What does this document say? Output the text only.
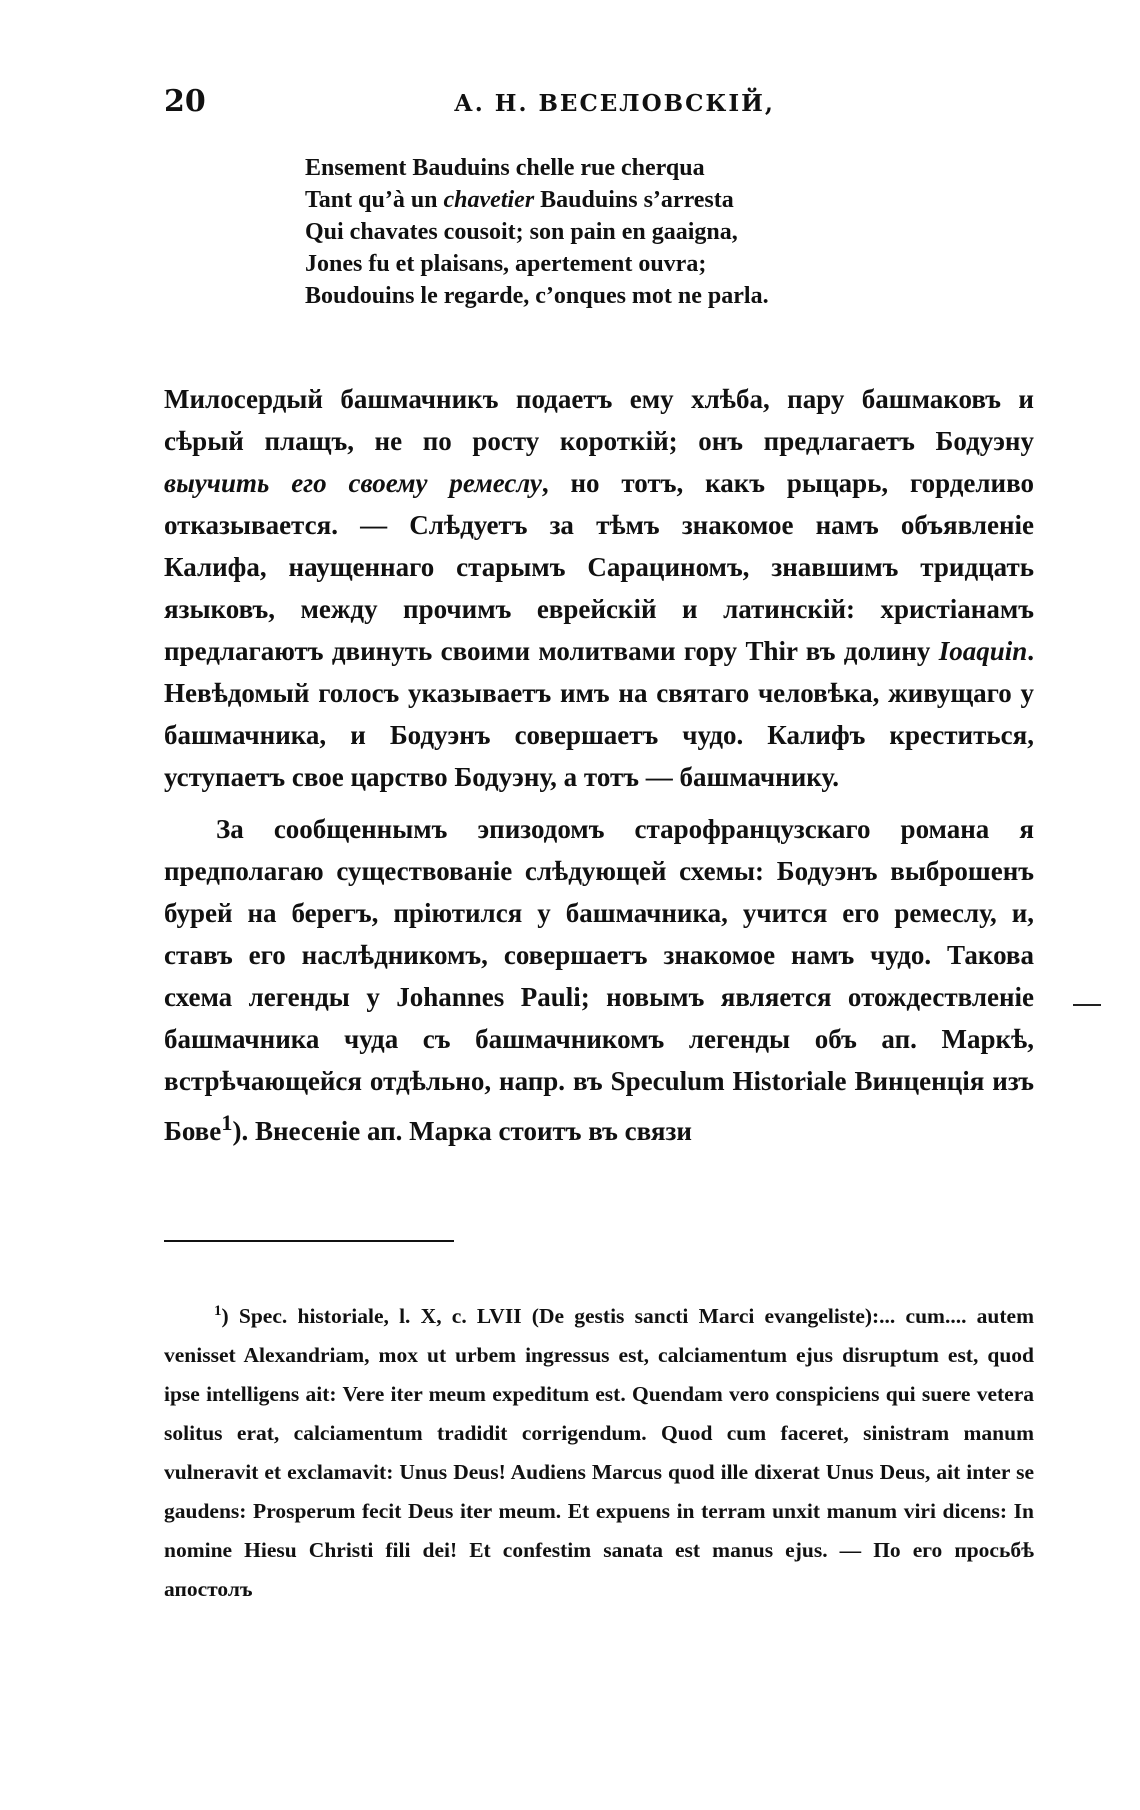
20	А. Н. ВЕСЕЛОВСКІЙ,
Ensement Bauduins chelle rue cherqua
Tant qu’à un chavetier Bauduins s’arresta
Qui chavates cousoit; son pain en gaaigna,
Jones fu et plaisans, apertement ouvra;
Boudouins le regarde, c’onques mot ne parla.

Милосердый башмачникъ подаетъ ему хлѣба, пару башмаковъ и сѣрый плащъ, не по росту короткій; онъ предлагаетъ Бодуэну выучить его своему ремеслу, но тотъ, какъ рыцарь, горделиво отказывается. — Слѣдуетъ за тѣмъ знакомое намъ объявленіе Калифа, наущеннаго старымъ Сарациномъ, знавшимъ тридцать языковъ, между прочимъ еврейскій и латинскій: христіанамъ предлагаютъ двинуть своими молитвами гору Thir въ долину Ioaquin. Невѣдомый голосъ указываетъ имъ на святаго человѣка, живущаго у башмачника, и Бодуэнъ совершаетъ чудо. Калифъ креститься, уступаетъ свое царство Бодуэну, а тотъ — башмачнику.

За сообщеннымъ эпизодомъ старофранцузскаго романа я предполагаю существованіе слѣдующей схемы: Бодуэнъ выброшенъ бурей на берегъ, пріютился у башмачника, учится его ремеслу, и, ставъ его наслѣдникомъ, совершаетъ знакомое намъ чудо. Такова схема легенды у Johannes Pauli; новымъ является отождествленіе башмачника чуда съ башмачникомъ легенды объ ап. Маркѣ, встрѣчающейся отдѣльно, напр. въ Speculum Historiale Винценція изъ Бове$^1$). Внесеніе ап. Марка стоитъ въ связи

$^1$) Spec. historiale, l. X, c. LVII (De gestis sancti Marci evangeliste):... cum.... autem venisset Alexandriam, mox ut urbem ingressus est, calciamentum ejus disruptum est, quod ipse intelligens ait: Vere iter meum expeditum est. Quendam vero conspiciens qui suere vetera solitus erat, calciamentum tradidit corrigendum. Quod cum faceret, sinistram manum vulneravit et exclamavit: Unus Deus! Audiens Marcus quod ille dixerat Unus Deus, ait inter se gaudens: Prosperum fecit Deus iter meum. Et expuens in terram unxit manum viri dicens: In nomine Hiesu Christi fili dei! Et confestim sanata est manus ejus. — По его просьбѣ апостолъ
